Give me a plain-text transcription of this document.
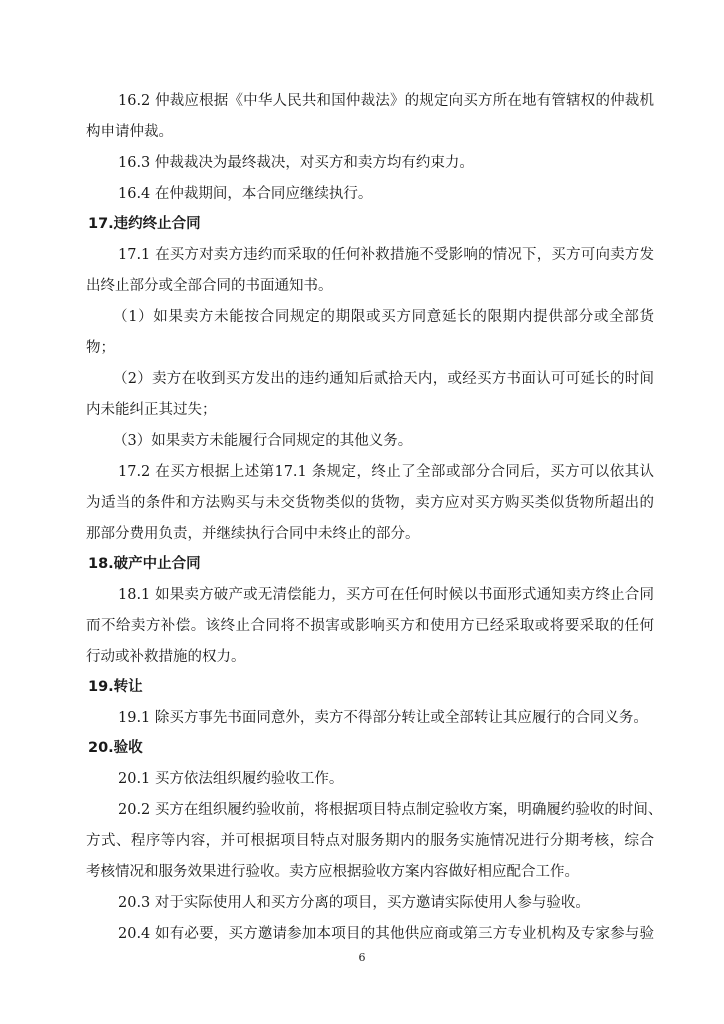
16.2 仲裁应根据《中华人民共和国仲裁法》的规定向买方所在地有管辖权的仲裁机
构申请仲裁。
16.3 仲裁裁决为最终裁决，对买方和卖方均有约束力。
16.4 在仲裁期间，本合同应继续执行。
17.违约终止合同
17.1 在买方对卖方违约而采取的任何补救措施不受影响的情况下，买方可向卖方发
出终止部分或全部合同的书面通知书。
（1）如果卖方未能按合同规定的期限或买方同意延长的限期内提供部分或全部货
物；
（2）卖方在收到买方发出的违约通知后贰拾天内，或经买方书面认可可延长的时间
内未能纠正其过失；
（3）如果卖方未能履行合同规定的其他义务。
17.2 在买方根据上述第17.1 条规定，终止了全部或部分合同后，买方可以依其认
为适当的条件和方法购买与未交货物类似的货物，卖方应对买方购买类似货物所超出的
那部分费用负责，并继续执行合同中未终止的部分。
18.破产中止合同
18.1 如果卖方破产或无清偿能力，买方可在任何时候以书面形式通知卖方终止合同
而不给卖方补偿。该终止合同将不损害或影响买方和使用方已经采取或将要采取的任何
行动或补救措施的权力。
19.转让
19.1 除买方事先书面同意外，卖方不得部分转让或全部转让其应履行的合同义务。
20.验收
20.1 买方依法组织履约验收工作。
20.2 买方在组织履约验收前，将根据项目特点制定验收方案，明确履约验收的时间、
方式、程序等内容，并可根据项目特点对服务期内的服务实施情况进行分期考核，综合
考核情况和服务效果进行验收。卖方应根据验收方案内容做好相应配合工作。
20.3 对于实际使用人和买方分离的项目，买方邀请实际使用人参与验收。
20.4 如有必要，买方邀请参加本项目的其他供应商或第三方专业机构及专家参与验
6
